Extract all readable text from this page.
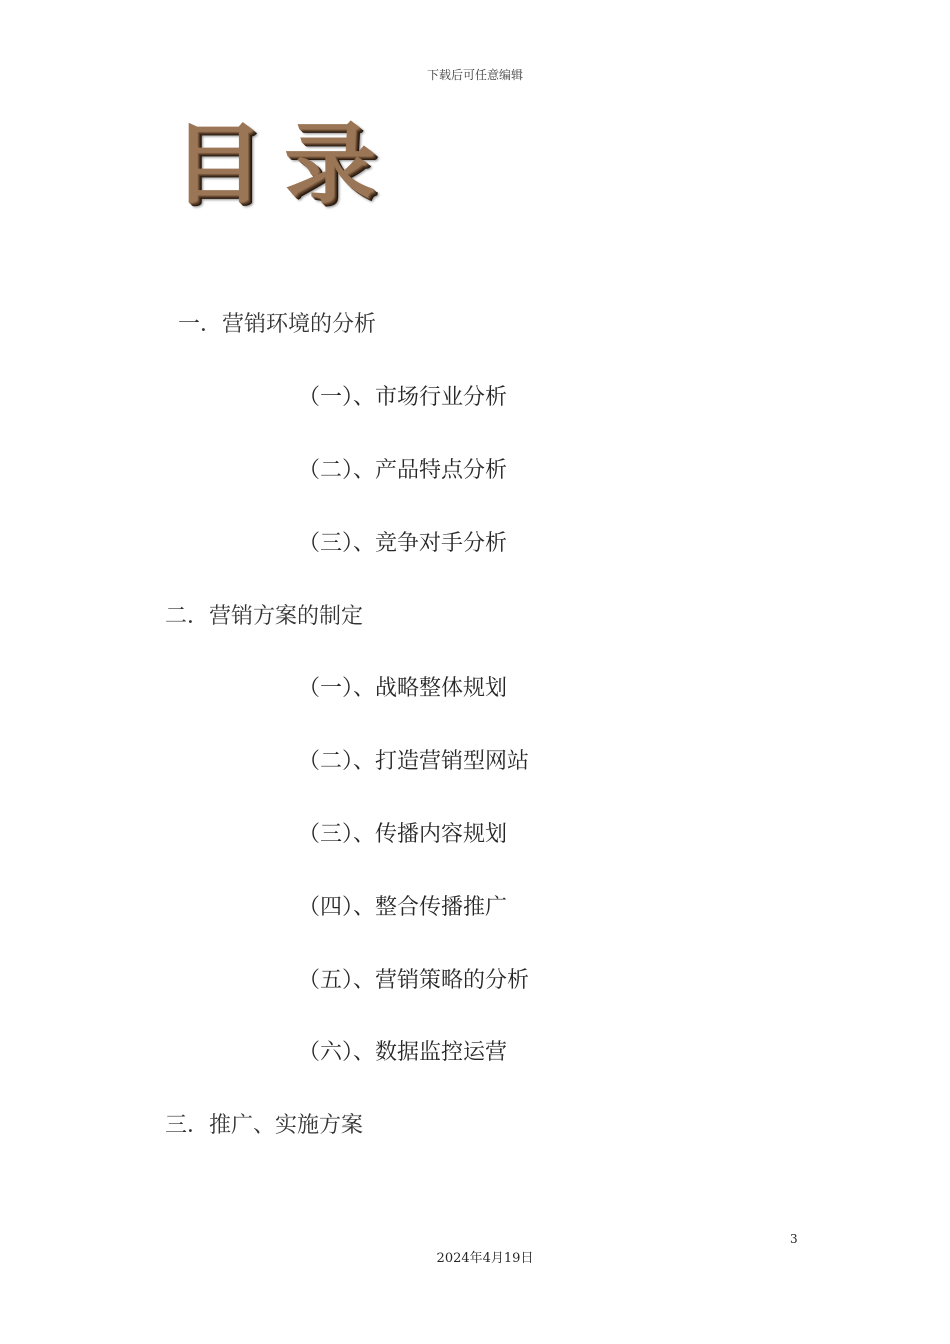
下载后可任意编辑
目录
一．营销环境的分析
（一）、市场行业分析
（二）、产品特点分析
（三）、竞争对手分析
二．营销方案的制定
（一）、战略整体规划
（二）、打造营销型网站
（三）、传播内容规划
（四）、整合传播推广
（五）、营销策略的分析
（六）、数据监控运营
三．推广、实施方案
3
2024年4月19日
